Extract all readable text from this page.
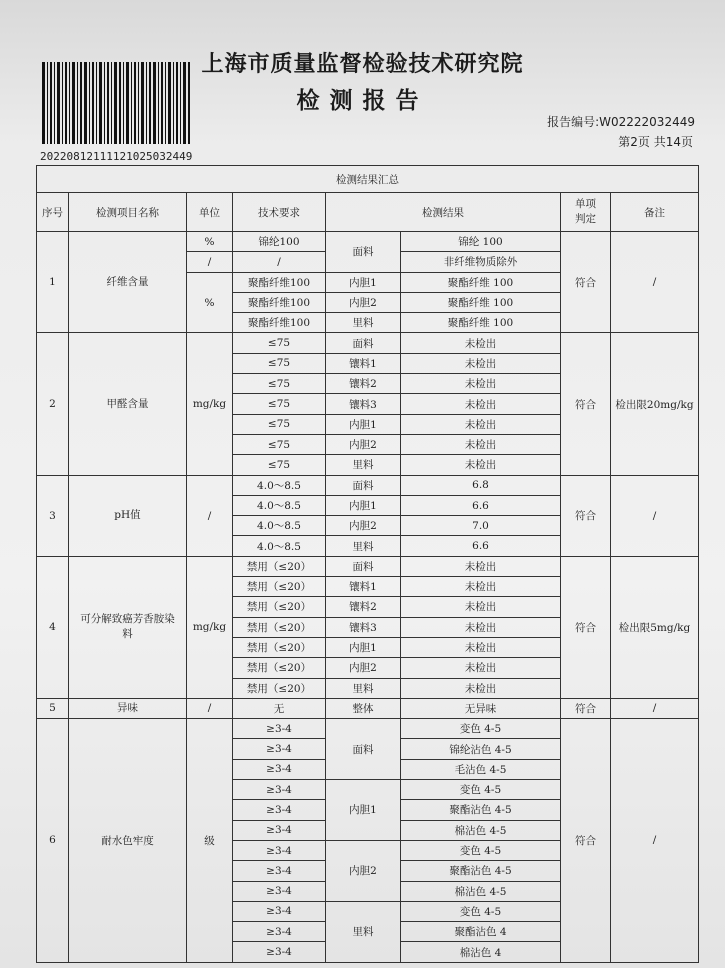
20220812111121025032449
上海市质量监督检验技术研究院
检测报告
报告编号:W02222032449
第2页 共14页
检测结果汇总							
序号	检测项目名称	单位	技术要求	检测结果		单项判定	备注
1	纤维含量	%	锦纶100	面料	锦纶 100	符合	/
		/	/		非纤维物质除外		
		%	聚酯纤维100	内胆1	聚酯纤维 100		
			聚酯纤维100	内胆2	聚酯纤维 100		
			聚酯纤维100	里料	聚酯纤维 100		
2	甲醛含量	mg/kg	≤75	面料	未检出	符合	检出限20mg/kg
			≤75	镶料1	未检出		
			≤75	镶料2	未检出		
			≤75	镶料3	未检出		
			≤75	内胆1	未检出		
			≤75	内胆2	未检出		
			≤75	里料	未检出		
3	pH值	/	4.0～8.5	面料	6.8	符合	/
			4.0～8.5	内胆1	6.6		
			4.0～8.5	内胆2	7.0		
			4.0～8.5	里料	6.6		
4	可分解致癌芳香胺染料	mg/kg	禁用（≤20）	面料	未检出	符合	检出限5mg/kg
			禁用（≤20）	镶料1	未检出		
			禁用（≤20）	镶料2	未检出		
			禁用（≤20）	镶料3	未检出		
			禁用（≤20）	内胆1	未检出		
			禁用（≤20）	内胆2	未检出		
			禁用（≤20）	里料	未检出		
5	异味	/	无	整体	无异味	符合	/
6	耐水色牢度	级	≥3-4	面料	变色 4-5	符合	/
			≥3-4		锦纶沾色 4-5		
			≥3-4		毛沾色 4-5		
			≥3-4	内胆1	变色 4-5		
			≥3-4		聚酯沾色 4-5		
			≥3-4		棉沾色 4-5		
			≥3-4	内胆2	变色 4-5		
			≥3-4		聚酯沾色 4-5		
			≥3-4		棉沾色 4-5		
			≥3-4	里料	变色 4-5		
			≥3-4		聚酯沾色 4		
			≥3-4		棉沾色 4		
